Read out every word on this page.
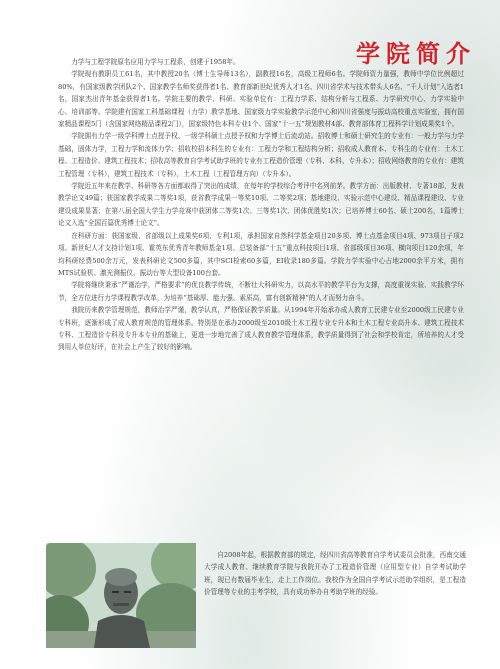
学院简介

力学与工程学院原名应用力学与工程系，创建于1958年。

学院现有教职员工61名，其中教授20名（博士生导师13名），副教授16名，高级工程师6名。学院师资力量强，教师中学位比例超过80%，有国家级教学团队2个、国家教学名师奖获得者1名、教育部新世纪优秀人才1名、四川省学术与技术带头人6名、“千人计划”入选者1名，国家杰出青年基金获得者1名。学院主要的教学、科研、实验单位有：工程力学系、结构分析与工程系、力学研究中心、力学实验中心、培训部等。学院建有国家工科基础课程（力学）教学基地、国家级力学实验教学示范中心和四川省强度与振动高校重点实验室，拥有国家精品课程5门（含国家网络精品课程2门），国家级特色本科专业1个、国家“十一五”规划教材4部、教育部体育工程科学计划成果奖1个。

学院拥有力学一级学科博士点授予权、一级学科硕士点授予权和力学博士后流动站。招收博士和硕士研究生的专业有：一般力学与力学基础，固体力学，工程力学和流体力学；招收校招本科生的专业有：工程力学和工程结构分析；招收成人教育本、专科生的专业有：土木工程、工程造价、建筑工程技术；招收高等教育自学考试助学班的专业有工程造价管理（专科、本科、专升本）；招收网络教育的专业有：建筑工程管理（专科），建筑工程技术（专科），土木工程（工程管理方向）（专升本）。

学院近五年来在教学、科研等各方面都取得了突出的成绩，在每年的学校综合考评中名列前茅。教学方面：出版教材、专著18部，发表教学论文49篇；获国家教学成果二等奖1项，获省教学成果一等奖10项、二等奖2项；基地建设、实验示范中心建设、精品课程建设、专业建设成果显著；在第八届全国大学生力学竞赛中获团体二等奖1次、三等奖1次、团体优胜奖1次；已培养博士60名、硕士200名，1篇博士论文入选“全国百篇优秀博士论文”。

在科研方面：获国家级、省部级以上成果奖6项、专利1项，承担国家自然科学基金项目20多项、博士点基金项目4项、973项目子项2项、新世纪人才支持计划1项、霍英东优秀青年教师基金1项、总装备部“十五”重点科技项目1项、省部级项目36项、横向项目120余项，年均科研经费500余万元，发表科研论文500多篇，其中SCI检索60多篇，EI收录180多篇。学院力学实验中心占地2000余平方米，拥有MTS试验机、激光测振仪、振动台等大型设备100台套。

学院将继续秉承“严谨治学，严格要求”的优良教学传统，不断壮大科研实力，以高水平的教学平台为支撑，高度重视实验、实践教学环节，全方位进行力学课程教学改革，为培养“基础厚、能力强、素质高，富有创新精神”的人才而努力奋斗。

我院历来教学管理规范，教师治学严谨，教学认真，严格保证教学质量。从1994年开始承办成人教育工民建专业至2000级工民建专业专科班，逐渐形成了成人教育规范的管理体系。特别是在承办2000级至2010级土木工程专业专升本和土木工程专业高升本、建筑工程技术专科、工程造价专科及专升本专业的基础上，更进一步地完善了成人教育教学管理体系，教学质量得到了社会和学校肯定，所培养的人才受到用人单位好评，在社会上产生了较好的影响。

自2008年起，根据教育部的规定，经四川省高等教育自学考试委员会批准，西南交通大学成人教育、继续教育学院与我院开办了工程造价管理（应用型专业）自学考试助学班，现已有数届毕业生，走上工作岗位。我校作为全国自学考试示范助学组织，是工程造价管理等专业的主考学校，具有成功举办自考助学班的经验。
